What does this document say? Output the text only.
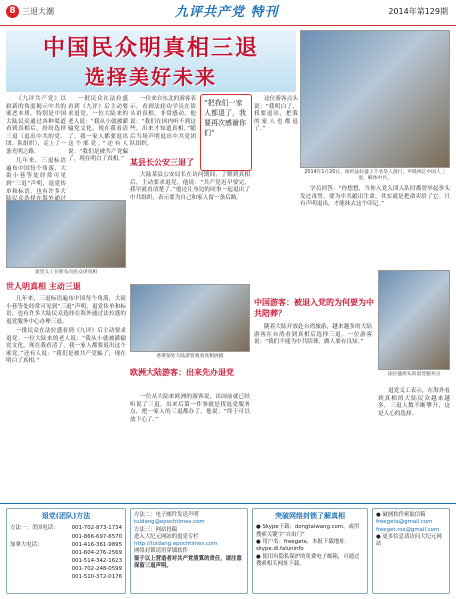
8 三退大潮	九评共产党 特刊	2014年第129期
中国民众明真相三退
选择美好未来
2014年1月20日，纽约法拉盛上千名华人游行，声援两亿中国人三退，解体中共。

《九评共产党》以崭新的角度揭示中共的邪恶本质，特别是中国大陆民众通过各种渠道看到真相后，纷纷选择三退（退出中共的党、团、队组织），走上了一条光明之路。

几年来，三退标语遍布中国每个角落，大街小巷等处经常可见到“三退”声明，退党传单和标语，也有许多大

一批民众在法拉盛看到《九评》后主动要求退党。一位大陆来的老人说：“我从小就被灌输党文化，现在我看清了，我一家人都要退出这个邪党。”还有人说：“我们是被共产党骗了，现在明白了真相。”

一位来自东北的游客表示，看到法轮功学员在街头讲真相，非常感动。他说：“我们在国内听不到这些，出来才知道真相。”随后当场声明退出中共党团队组织。

某县长公安三退了

大陆某县公安局长在访问期间，了解到真相后，主动要求退党。他说：“共产党迟早要完，我早就看清楚了。”他还让身边的同事一起退出了中共组织，表示要为自己和家人留一条后路。

“把我们一家人都退了，我要再次感谢你们”

这位游客点头说：“我明白了，我要退出，把我的家人也都退了。”

学员回答：“你想想，当你入党入团入队时都曾举起拳头发过毒誓，要为中共献出生命，其实就是把命卖给了它。只有声明退出，才能抹去这个印记。”

退党义工在街头向民众讲真相
世人明真相 主动三退

几年来，三退标语遍布中国每个角落，大街小巷等处经常可见到“三退”声明，退党传单和标语，也有许多大陆民众选择在海外通过法拉盛的退党服务中心办理三退。

一批民众在法拉盛看到《九评》后主动要求退党。一位大陆来的老人说：“我从小就被灌输党文化，现在我看清了，我一家人都要退出这个邪党。”还有人说：“我们是被共产党骗了，现在明白了真相。”

香港某处大陆游客观看真相展板
欧洲大陆游客：出来先办退党

一位从大陆来欧洲的游客说，出国前就已经听说了三退，出来后第一件事就是找退党服务点，把一家人的三退都办了，他说：“终于可以放下心了。”

中国游客：被退入党的为何要为中共陪葬？

随着大陆开放赴台湾旅游，越来越多的大陆游客在台湾看到真相后选择三退。一位游客说：“我们不能为中共陪葬，做人要有良知。”

法拉盛街头的退党服务点

退党义工表示，在海外看到真相的大陆民众越来越多，三退人数不断攀升，这是人心的选择。

退党(团队)方法
方法一：美国电话： 001-702-873-1734
001-866-697-6570
加拿大电话：	001-416-361-9895
001-604-276-2569
001-514-342-1623
001-702-248-0599
001-510-372-0176
方法二：电子邮件发送声明
tuidang@epochtimes.com
方法三：网站投稿
进入大纪元网站的退党专栏
http://tuidang.epochtimes.com
网络封锁请用穿墙软件
鉴于以上营造者对共产党清算的责任，请注意保留三退声明。
突破网络封锁了解真相
● Skype下载：dongtaiwang.com，或用搜索关键字“自由门”
● 用户名：freegate，本报下载地址：skype.dl.faluninfo
● 使用有隐私保护的免费电子邮箱，可通过搜索相关网址下载。
● 破网软件索取信箱
freegeta@gmail.com
freeget.rox@gmail.com
● 更多信息请访问大纪元网站
